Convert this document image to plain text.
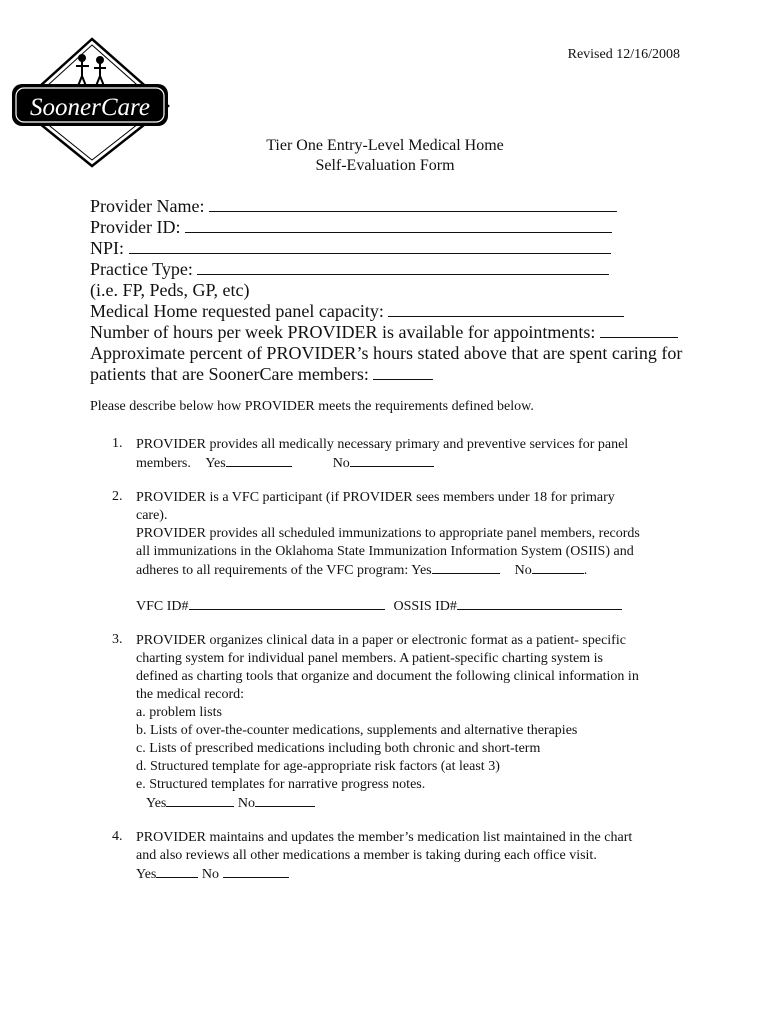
SoonerCare
Revised 12/16/2008
Tier One Entry-Level Medical Home
Self-Evaluation Form
Provider Name:
Provider ID:
NPI:
Practice Type:
(i.e. FP, Peds, GP, etc)
Medical Home requested panel capacity:
Number of hours per week PROVIDER is available for appointments:
Approximate percent of PROVIDER’s hours stated above that are spent caring for
patients that are SoonerCare members:
Please describe below how PROVIDER meets the requirements defined below.
1. PROVIDER provides all medically necessary primary and preventive services for panel
members. Yes	No
2. PROVIDER is a VFC participant (if PROVIDER sees members under 18 for primary
care).
PROVIDER provides all scheduled immunizations to appropriate panel members, records
all immunizations in the Oklahoma State Immunization Information System (OSIIS) and
adheres to all requirements of the VFC program: Yes	No	.
VFC ID#	OSSIS ID#
3. PROVIDER organizes clinical data in a paper or electronic format as a patient- specific
charting system for individual panel members. A patient-specific charting system is
defined as charting tools that organize and document the following clinical information in
the medical record:
a. problem lists
b. Lists of over-the-counter medications, supplements and alternative therapies
c. Lists of prescribed medications including both chronic and short-term
d. Structured template for age-appropriate risk factors (at least 3)
e. Structured templates for narrative progress notes.
Yes	No
4. PROVIDER maintains and updates the member’s medication list maintained in the chart
and also reviews all other medications a member is taking during each office visit.
Yes	No
